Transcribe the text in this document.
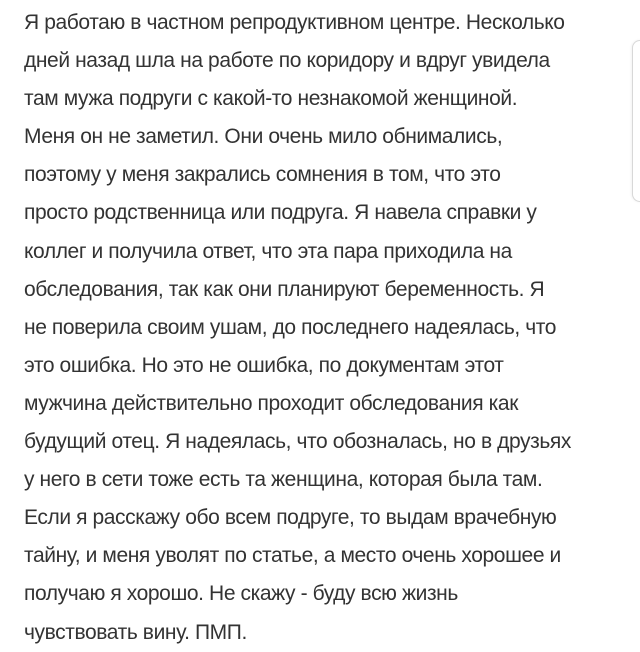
Я работаю в частном репродуктивном центре. Несколько
дней назад шла на работе по коридору и вдруг увидела
там мужа подруги с какой-то незнакомой женщиной.
Меня он не заметил. Они очень мило обнимались,
поэтому у меня закрались сомнения в том, что это
просто родственница или подруга. Я навела справки у
коллег и получила ответ, что эта пара приходила на
обследования, так как они планируют беременность. Я
не поверила своим ушам, до последнего надеялась, что
это ошибка. Но это не ошибка, по документам этот
мужчина действительно проходит обследования как
будущий отец. Я надеялась, что обозналась, но в друзьях
у него в сети тоже есть та женщина, которая была там.
Если я расскажу обо всем подруге, то выдам врачебную
тайну, и меня уволят по статье, а место очень хорошее и
получаю я хорошо. Не скажу - буду всю жизнь
чувствовать вину. ПМП.
